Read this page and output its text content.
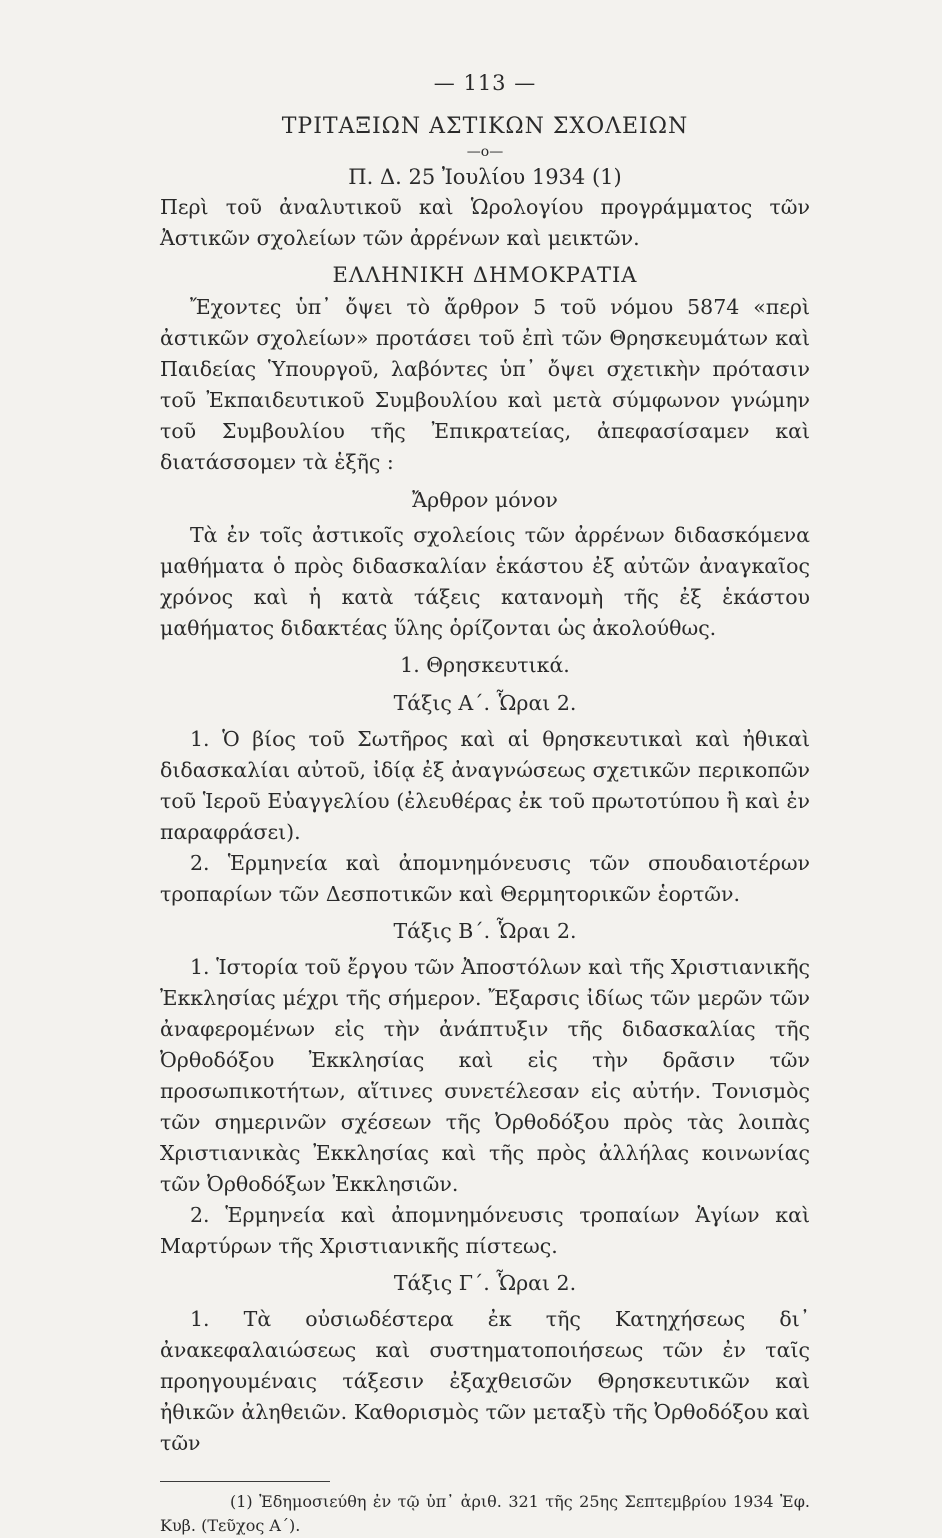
— 113 —
ΤΡΙΤΑΞΙΩΝ ΑΣΤΙΚΩΝ ΣΧΟΛΕΙΩΝ
—ο—
Π. Δ. 25 Ἰουλίου 1934 (1)

Περὶ τοῦ ἀναλυτικοῦ καὶ Ὡρολογίου προγράμματος τῶν Ἀστικῶν σχολείων τῶν ἀρρένων καὶ μεικτῶν.

ΕΛΛΗΝΙΚΗ ΔΗΜΟΚΡΑΤΙΑ

Ἔχοντες ὑπ᾿ ὄψει τὸ ἄρθρον 5 τοῦ νόμου 5874 «περὶ ἀστικῶν σχολείων» προτάσει τοῦ ἐπὶ τῶν Θρησκευμάτων καὶ Παιδείας Ὑπουργοῦ, λαβόντες ὑπ᾿ ὄψει σχετικὴν πρότασιν τοῦ Ἐκπαιδευτικοῦ Συμβουλίου καὶ μετὰ σύμφωνον γνώμην τοῦ Συμβουλίου τῆς Ἐπικρατείας, ἀπεφασίσαμεν καὶ διατάσσομεν τὰ ἑξῆς :

Ἄρθρον μόνον

Τὰ ἐν τοῖς ἀστικοῖς σχολείοις τῶν ἀρρένων διδασκόμενα μαθήματα ὁ πρὸς διδασκαλίαν ἑκάστου ἐξ αὐτῶν ἀναγκαῖος χρόνος καὶ ἡ κατὰ τάξεις κατανομὴ τῆς ἐξ ἑκάστου μαθήματος διδακτέας ὕλης ὁρίζονται ὡς ἀκολούθως.

1. Θρησκευτικά.
Τάξις Α΄. Ὧραι 2.

1. Ὁ βίος τοῦ Σωτῆρος καὶ αἱ θρησκευτικαὶ καὶ ἠθικαὶ διδασκαλίαι αὐτοῦ, ἰδίᾳ ἐξ ἀναγνώσεως σχετικῶν περικοπῶν τοῦ Ἱεροῦ Εὐαγγελίου (ἐλευθέρας ἐκ τοῦ πρωτοτύπου ἢ καὶ ἐν παραφράσει).

2. Ἑρμηνεία καὶ ἀπομνημόνευσις τῶν σπουδαιοτέρων τροπαρίων τῶν Δεσποτικῶν καὶ Θερμητορικῶν ἑορτῶν.

Τάξις Β΄. Ὧραι 2.

1. Ἱστορία τοῦ ἔργου τῶν Ἀποστόλων καὶ τῆς Χριστιανικῆς Ἐκκλησίας μέχρι τῆς σήμερον. Ἔξαρσις ἰδίως τῶν μερῶν τῶν ἀναφερομένων εἰς τὴν ἀνάπτυξιν τῆς διδασκαλίας τῆς Ὀρθοδόξου Ἐκκλησίας καὶ εἰς τὴν δρᾶσιν τῶν προσωπικοτήτων, αἵτινες συνετέλεσαν εἰς αὐτήν. Τονισμὸς τῶν σημερινῶν σχέσεων τῆς Ὀρθοδόξου πρὸς τὰς λοιπὰς Χριστιανικὰς Ἐκκλησίας καὶ τῆς πρὸς ἀλλήλας κοινωνίας τῶν Ὀρθοδόξων Ἐκκλησιῶν.

2. Ἑρμηνεία καὶ ἀπομνημόνευσις τροπαίων Ἁγίων καὶ Μαρτύρων τῆς Χριστιανικῆς πίστεως.

Τάξις Γ΄. Ὧραι 2.

1. Τὰ οὐσιωδέστερα ἐκ τῆς Κατηχήσεως δι᾿ ἀνακεφαλαιώσεως καὶ συστηματοποιήσεως τῶν ἐν ταῖς προηγουμέναις τάξεσιν ἐξαχθεισῶν Θρησκευτικῶν καὶ ἠθικῶν ἀληθειῶν. Καθορισμὸς τῶν μεταξὺ τῆς Ὀρθοδόξου καὶ τῶν

(1) Ἐδημοσιεύθη ἐν τῷ ὑπ᾿ ἀριθ. 321 τῆς 25ης Σεπτεμβρίου 1934 Ἐφ. Κυβ. (Τεῦχος Α΄).
